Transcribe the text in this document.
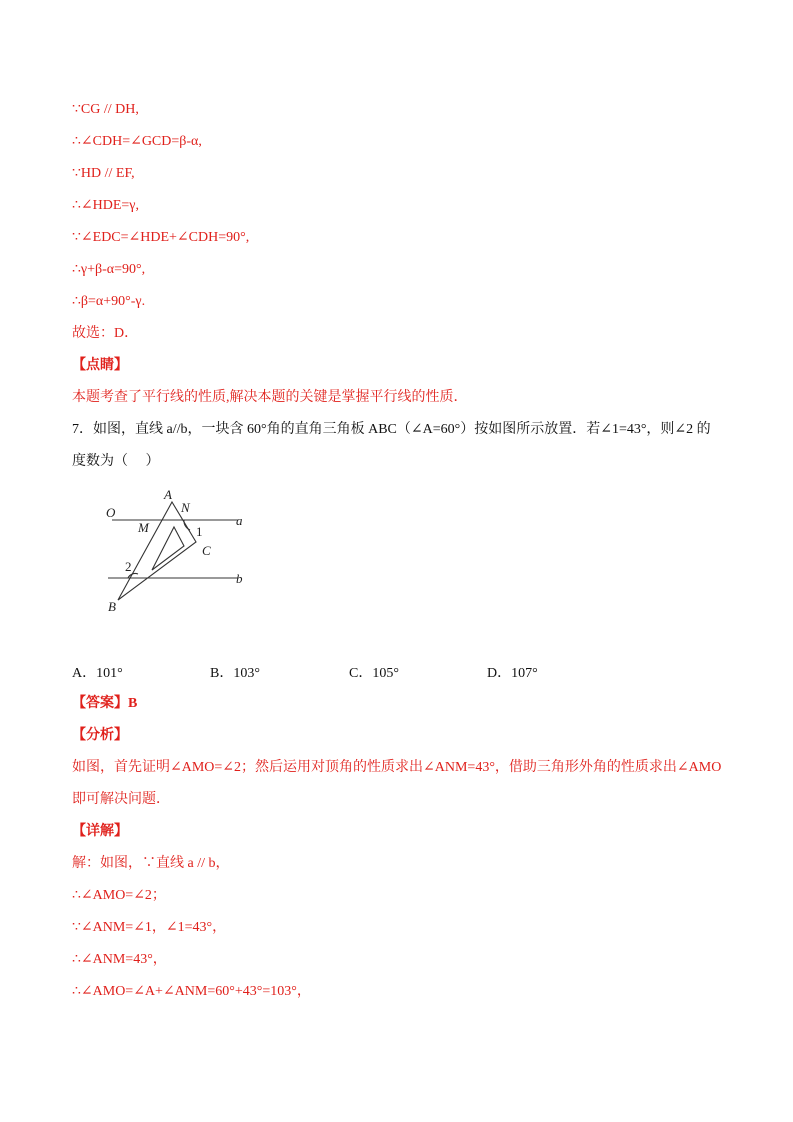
∵CG // DH,
∴∠CDH=∠GCD=β-α,
∵HD // EF,
∴∠HDE=γ,
∵∠EDC=∠HDE+∠CDH=90°,
∴γ+β-α=90°,
∴β=α+90°-γ.
故选：D．
【点睛】
本题考查了平行线的性质,解决本题的关键是掌握平行线的性质．
7．如图，直线 a//b，一块含 60°角的直角三角板 ABC（∠A=60°）按如图所示放置．若∠1=43°，则∠2 的
度数为（　 ）
O
A
N
M	a
C
b
B
1
2
A．101°	B．103°	C．105°	D．107°
【答案】B
【分析】
如图，首先证明∠AMO=∠2；然后运用对顶角的性质求出∠ANM=43°，借助三角形外角的性质求出∠AMO
即可解决问题．
【详解】
解：如图，∵直线 a // b，
∴∠AMO=∠2；
∵∠ANM=∠1，∠1=43°，
∴∠ANM=43°，
∴∠AMO=∠A+∠ANM=60°+43°=103°，
